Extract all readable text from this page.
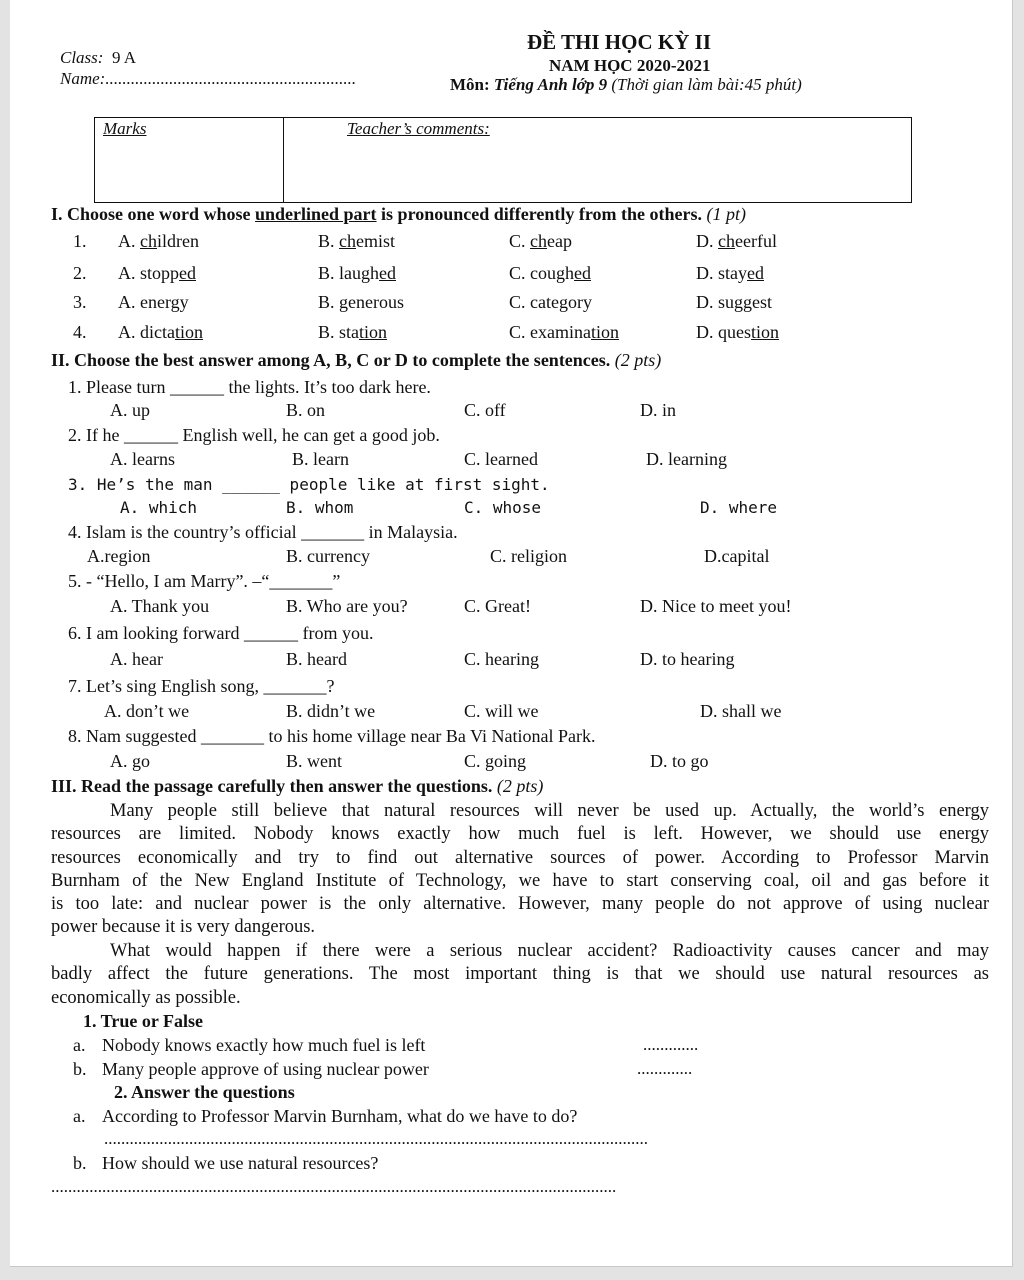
Class: 9 A
Name:...........................................................
ĐỀ THI HỌC KỲ II
NAM HỌC 2020-2021
Môn: Tiếng Anh lớp 9 (Thời gian làm bài:45 phút)
Marks	Teacher’s comments:
I. Choose one word whose underlined part is pronounced differently from the others. (1 pt)
1. A. children	B. chemist	C. cheap	D. cheerful
2. A. stopped	B. laughed	C. coughed	D. stayed
3. A. energy	B. generous	C. category	D. suggest
4. A. dictation	B. station	C. examination	D. question
II. Choose the best answer among A, B, C or D to complete the sentences. (2 pts)
1. Please turn ______ the lights. It’s too dark here.
A. up	B. on	C. off	D. in
2. If he ______ English well, he can get a good job.
A. learns	B. learn	C. learned	D. learning
3. He’s the man ______ people like at first sight.
A. which	B. whom	C. whose	D. where
4. Islam is the country’s official _______ in Malaysia.
A.region	B. currency	C. religion	D.capital
5. - “Hello, I am Marry”. –“_______”
A. Thank you	B. Who are you?	C. Great!	D. Nice to meet you!
6. I am looking forward ______ from you.
A. hear	B. heard	C. hearing	D. to hearing
7. Let’s sing English song, _______?
A. don’t we	B. didn’t we	C. will we	D. shall we
8. Nam suggested _______ to his home village near Ba Vi National Park.
A. go	B. went	C. going	D. to go
III. Read the passage carefully then answer the questions. (2 pts)
Many people still believe that natural resources will never be used up. Actually, the world’s energy
resources are limited. Nobody knows exactly how much fuel is left. However, we should use energy
resources economically and try to find out alternative sources of power. According to Professor Marvin
Burnham of the New England Institute of Technology, we have to start conserving coal, oil and gas before it
is too late: and nuclear power is the only alternative. However, many people do not approve of using nuclear
power because it is very dangerous.
What would happen if there were a serious nuclear accident? Radioactivity causes cancer and may
badly affect the future generations. The most important thing is that we should use natural resources as
economically as possible.
1. True or False
a. Nobody knows exactly how much fuel is left	.............
b. Many people approve of using nuclear power	.............
2. Answer the questions
a. According to Professor Marvin Burnham, what do we have to do?
................................................................................................................................
b. How should we use natural resources?
.....................................................................................................................................
